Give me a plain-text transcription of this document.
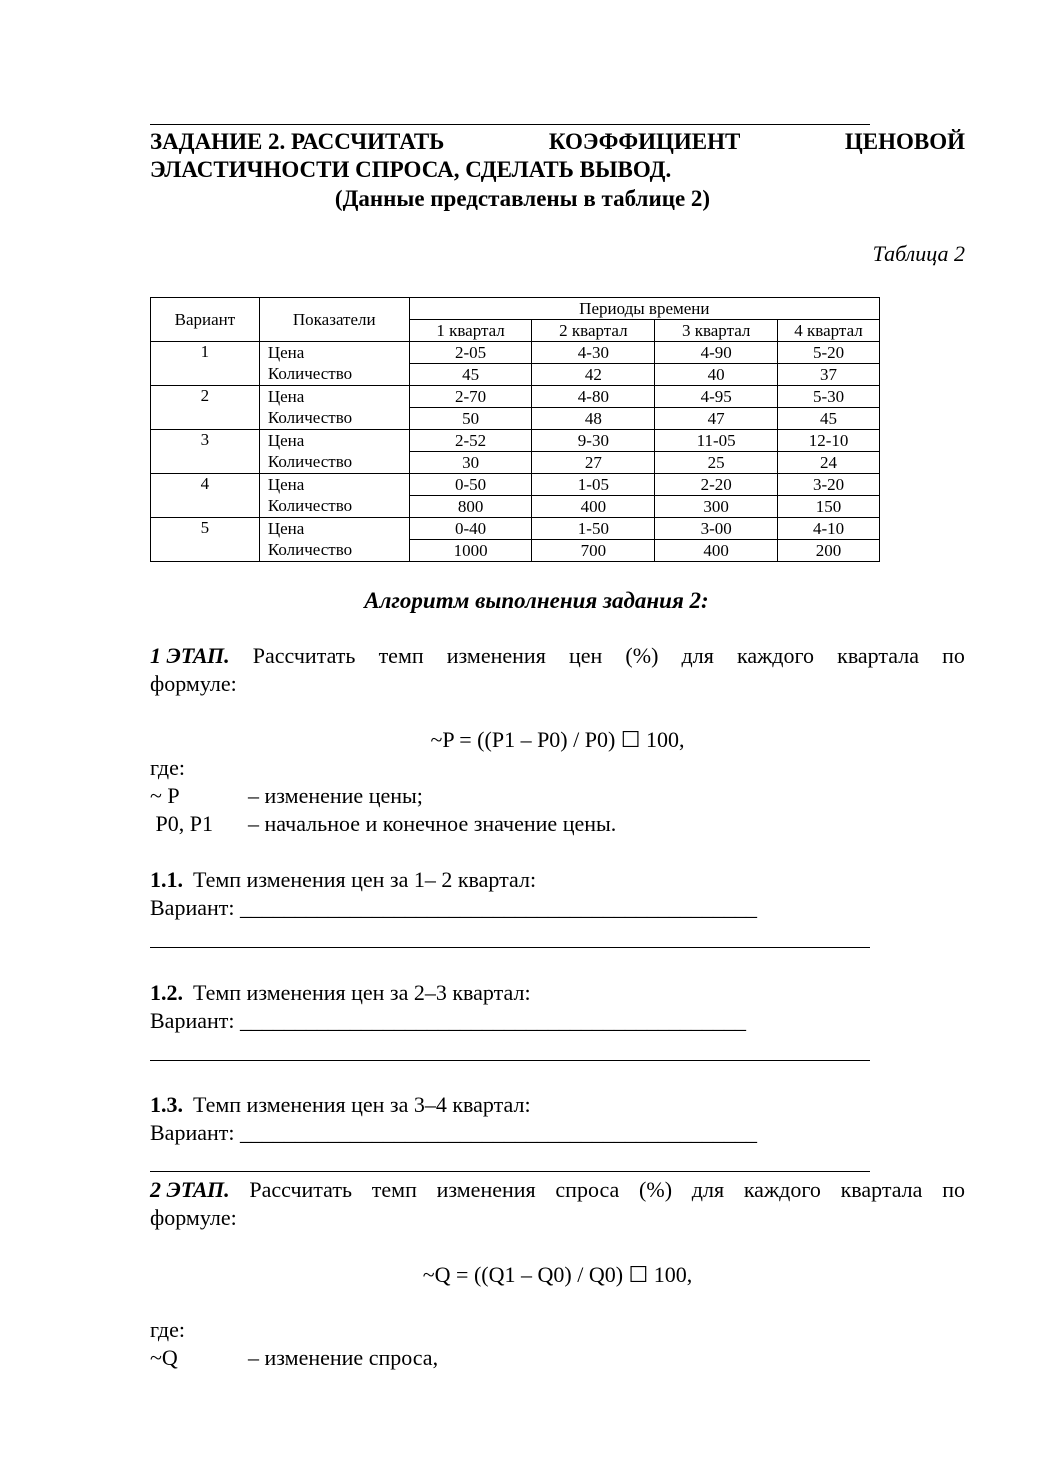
ЗАДАНИЕ 2. РАССЧИТАТЬ	КОЭФФИЦИЕНТ	ЦЕНОВОЙ
ЭЛАСТИЧНОСТИ СПРОСА, СДЕЛАТЬ ВЫВОД.
(Данные представлены в таблице 2)
Таблица 2
Вариант	Показатели	Периоды времени			
		1 квартал	2 квартал	3 квартал	4 квартал
1	Цена	2-05	4-30	4-90	5-20
	Количество	45	42	40	37
2	Цена	2-70	4-80	4-95	5-30
	Количество	50	48	47	45
3	Цена	2-52	9-30	11-05	12-10
	Количество	30	27	25	24
4	Цена	0-50	1-05	2-20	3-20
	Количество	800	400	300	150
5	Цена	0-40	1-50	3-00	4-10
	Количество	1000	700	400	200
Алгоритм выполнения задания 2:
1 ЭТАП. Рассчитать темп изменения цен (%) для каждого квартала по
формуле:
~P = ((P1 – P0) / P0) ☐ 100,
где:
~ P	– изменение цены;
P0, P1 – начальное и конечное значение цены.
1.1. Темп изменения цен за 1– 2 квартал:
Вариант: _______________________________________________
1.2. Темп изменения цен за 2–3 квартал:
Вариант: ______________________________________________
1.3. Темп изменения цен за 3–4 квартал:
Вариант: _______________________________________________
2 ЭТАП. Рассчитать темп изменения спроса (%) для каждого квартала по
формуле:
~Q = ((Q1 – Q0) / Q0) ☐ 100,
где:
~Q	– изменение спроса,
